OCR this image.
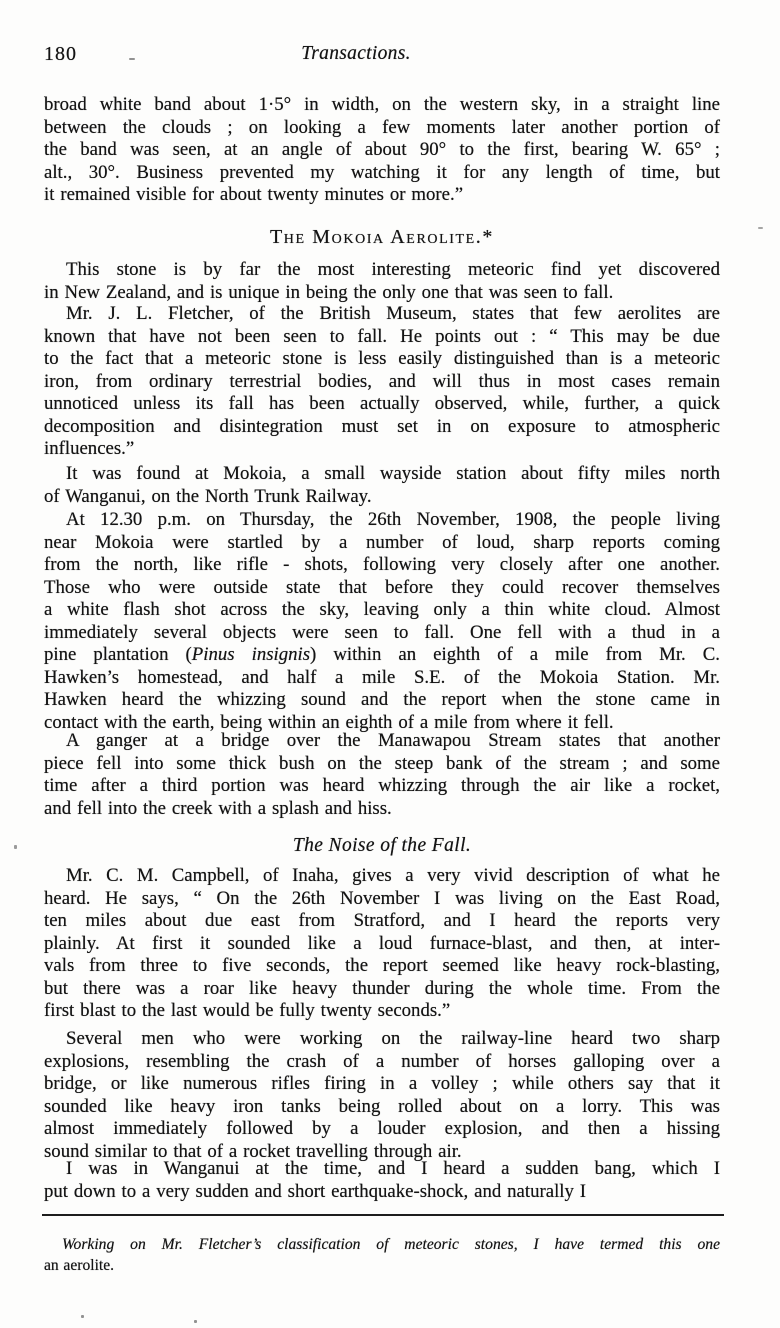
180	Transactions.
broad white band about 1·5° in width, on the western sky, in a straight line
between the clouds ; on looking a few moments later another portion of
the band was seen, at an angle of about 90° to the first, bearing W. 65° ;
alt., 30°. Business prevented my watching it for any length of time, but
it remained visible for about twenty minutes or more.”
The Mokoia Aerolite.*
This stone is by far the most interesting meteoric find yet discovered
in New Zealand, and is unique in being the only one that was seen to fall.
Mr. J. L. Fletcher, of the British Museum, states that few aerolites are
known that have not been seen to fall. He points out : “ This may be due
to the fact that a meteoric stone is less easily distinguished than is a meteoric
iron, from ordinary terrestrial bodies, and will thus in most cases remain
unnoticed unless its fall has been actually observed, while, further, a quick
decomposition and disintegration must set in on exposure to atmospheric
influences.”
It was found at Mokoia, a small wayside station about fifty miles north
of Wanganui, on the North Trunk Railway.
At 12.30 p.m. on Thursday, the 26th November, 1908, the people living
near Mokoia were startled by a number of loud, sharp reports coming
from the north, like rifle - shots, following very closely after one another.
Those who were outside state that before they could recover themselves
a white flash shot across the sky, leaving only a thin white cloud. Almost
immediately several objects were seen to fall. One fell with a thud in a
pine plantation (Pinus insignis) within an eighth of a mile from Mr. C.
Hawken’s homestead, and half a mile S.E. of the Mokoia Station. Mr.
Hawken heard the whizzing sound and the report when the stone came in
contact with the earth, being within an eighth of a mile from where it fell.
A ganger at a bridge over the Manawapou Stream states that another
piece fell into some thick bush on the steep bank of the stream ; and some
time after a third portion was heard whizzing through the air like a rocket,
and fell into the creek with a splash and hiss.
The Noise of the Fall.
Mr. C. M. Campbell, of Inaha, gives a very vivid description of what he
heard. He says, “ On the 26th November I was living on the East Road,
ten miles about due east from Stratford, and I heard the reports very
plainly. At first it sounded like a loud furnace-blast, and then, at inter-
vals from three to five seconds, the report seemed like heavy rock-blasting,
but there was a roar like heavy thunder during the whole time. From the
first blast to the last would be fully twenty seconds.”
Several men who were working on the railway-line heard two sharp
explosions, resembling the crash of a number of horses galloping over a
bridge, or like numerous rifles firing in a volley ; while others say that it
sounded like heavy iron tanks being rolled about on a lorry. This was
almost immediately followed by a louder explosion, and then a hissing
sound similar to that of a rocket travelling through air.
I was in Wanganui at the time, and I heard a sudden bang, which I
put down to a very sudden and short earthquake-shock, and naturally I
Working on Mr. Fletcher’s classification of meteoric stones, I have termed this one
an aerolite.
